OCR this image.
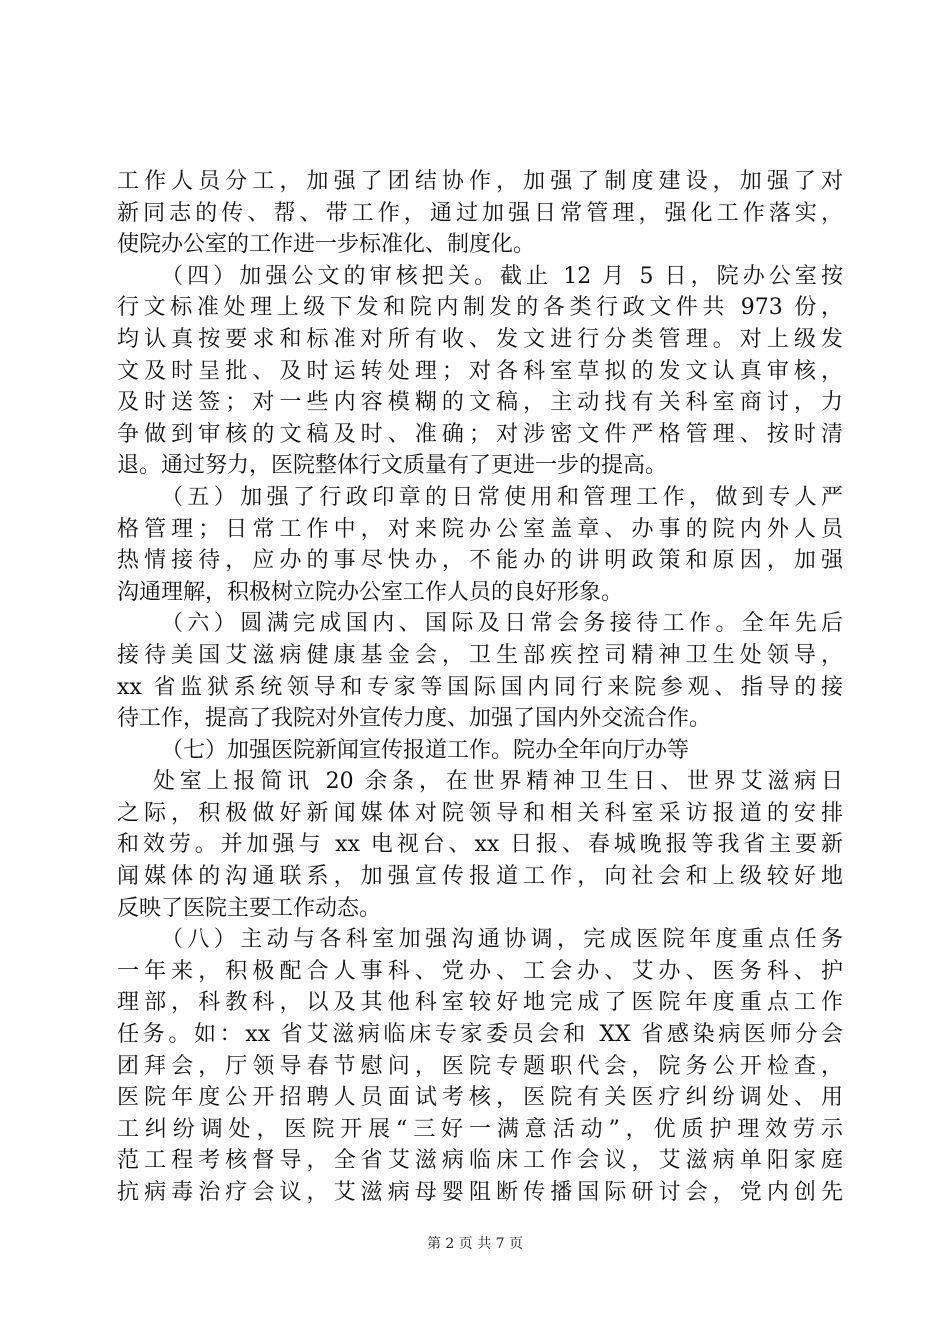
工作人员分工，加强了团结协作，加强了制度建设，加强了对
新同志的传、帮、带工作，通过加强日常管理，强化工作落实，
使院办公室的工作进一步标准化、制度化。
（四）加强公文的审核把关。截止 12 月 5 日，院办公室按
行文标准处理上级下发和院内制发的各类行政文件共 973 份，
均认真按要求和标准对所有收、发文进行分类管理。对上级发
文及时呈批、及时运转处理；对各科室草拟的发文认真审核，
及时送签；对一些内容模糊的文稿，主动找有关科室商讨，力
争做到审核的文稿及时、准确；对涉密文件严格管理、按时清
退。通过努力，医院整体行文质量有了更进一步的提高。
（五）加强了行政印章的日常使用和管理工作，做到专人严
格管理；日常工作中，对来院办公室盖章、办事的院内外人员
热情接待，应办的事尽快办，不能办的讲明政策和原因，加强
沟通理解，积极树立院办公室工作人员的良好形象。
（六）圆满完成国内、国际及日常会务接待工作。全年先后
接待美国艾滋病健康基金会，卫生部疾控司精神卫生处领导，
xx 省监狱系统领导和专家等国际国内同行来院参观、指导的接
待工作，提高了我院对外宣传力度、加强了国内外交流合作。
（七）加强医院新闻宣传报道工作。院办全年向厅办等
处室上报简讯 20 余条，在世界精神卫生日、世界艾滋病日
之际，积极做好新闻媒体对院领导和相关科室采访报道的安排
和效劳。并加强与 xx 电视台、xx 日报、春城晚报等我省主要新
闻媒体的沟通联系，加强宣传报道工作，向社会和上级较好地
反映了医院主要工作动态。
（八）主动与各科室加强沟通协调，完成医院年度重点任务
一年来，积极配合人事科、党办、工会办、艾办、医务科、护
理部，科教科，以及其他科室较好地完成了医院年度重点工作
任务。如：xx 省艾滋病临床专家委员会和 XX 省感染病医师分会
团拜会，厅领导春节慰问，医院专题职代会，院务公开检查，
医院年度公开招聘人员面试考核，医院有关医疗纠纷调处、用
工纠纷调处，医院开展“三好一满意活动”，优质护理效劳示
范工程考核督导，全省艾滋病临床工作会议，艾滋病单阳家庭
抗病毒治疗会议，艾滋病母婴阻断传播国际研讨会，党内创先
第 2 页 共 7 页
